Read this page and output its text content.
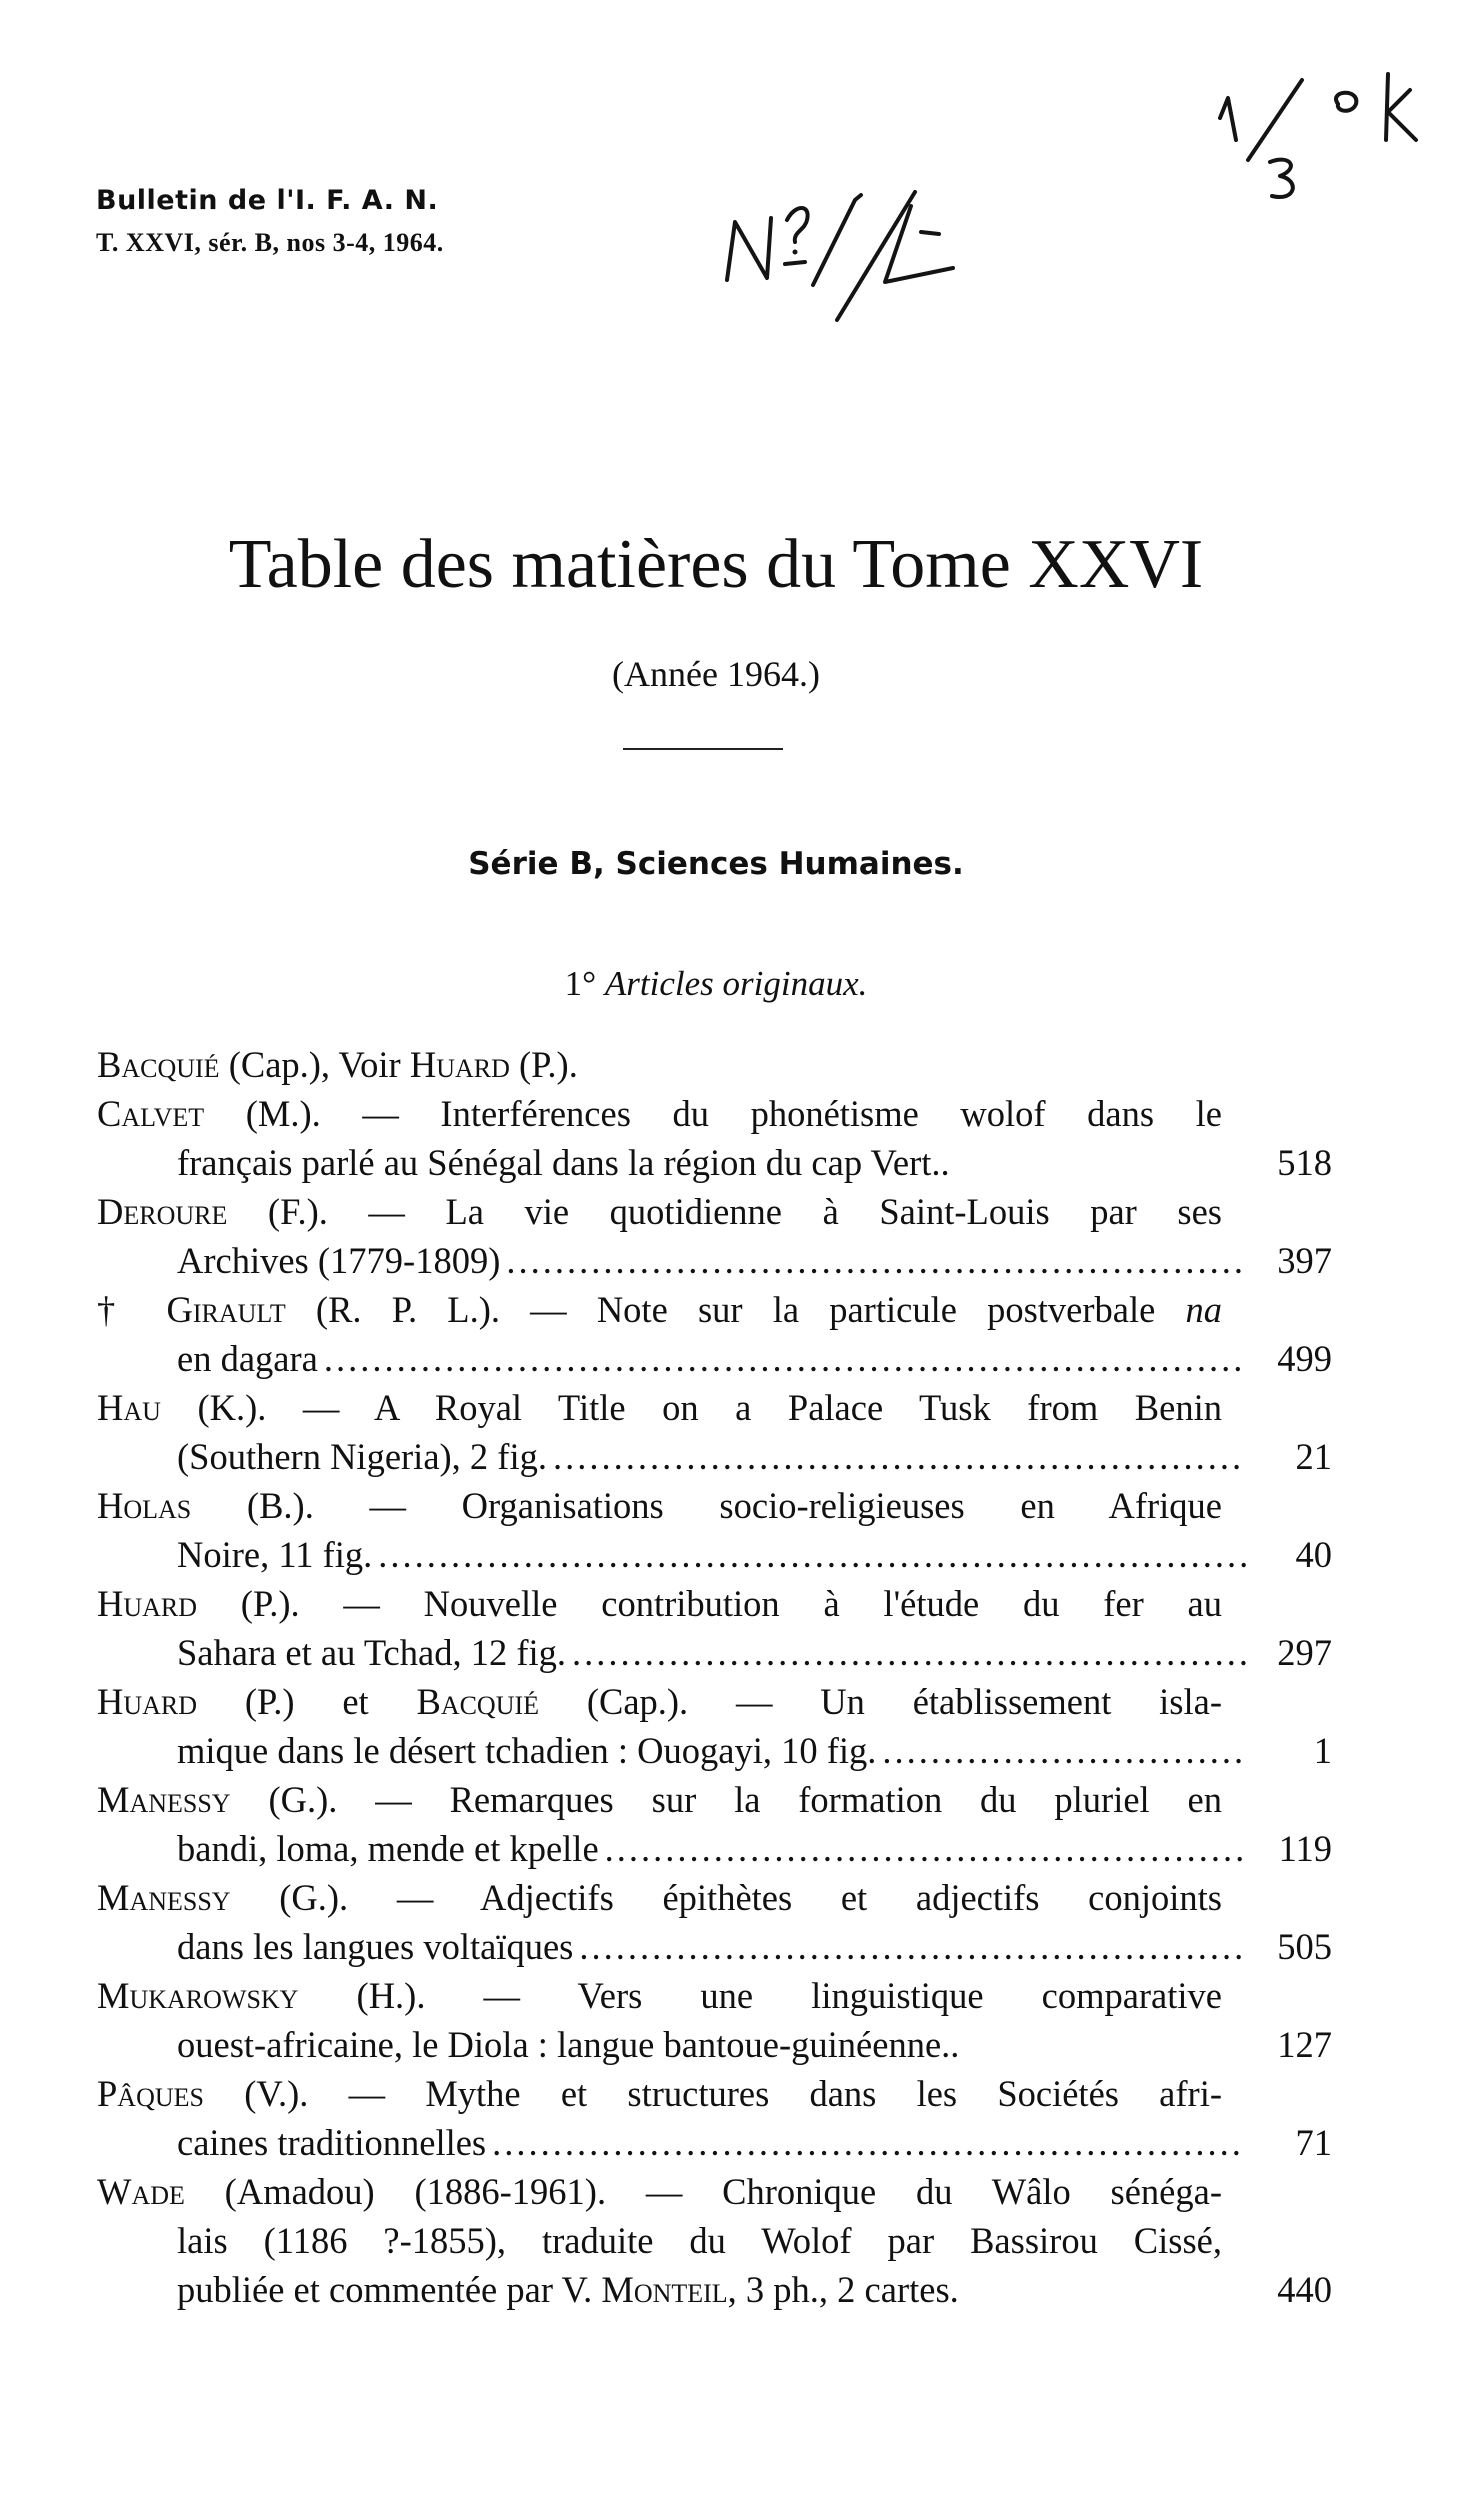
Bulletin de l'I. F. A. N.
T. XXVI, sér. B, nos 3-4, 1964.
Table des matières du Tome XXVI
(Année 1964.)
Série B, Sciences Humaines.
1° Articles originaux.
Bacquié (Cap.), Voir Huard (P.).
Calvet (M.). — Interférences du phonétisme wolof dans le
français parlé au Sénégal dans la région du cap Vert..	518
Deroure (F.). — La vie quotidienne à Saint-Louis par ses
Archives (1779-1809) .....	397
† Girault (R. P. L.). — Note sur la particule postverbale na
en dagara .....	499
Hau (K.). — A Royal Title on a Palace Tusk from Benin
(Southern Nigeria), 2 fig. .....	21
Holas (B.). — Organisations socio-religieuses en Afrique
Noire, 11 fig. .....	40
Huard (P.). — Nouvelle contribution à l'étude du fer au
Sahara et au Tchad, 12 fig. .....	297
Huard (P.) et Bacquié (Cap.). — Un établissement isla-
mique dans le désert tchadien : Ouogayi, 10 fig. .....	1
Manessy (G.). — Remarques sur la formation du pluriel en
bandi, loma, mende et kpelle .....	119
Manessy (G.). — Adjectifs épithètes et adjectifs conjoints
dans les langues voltaïques .....	505
Mukarowsky (H.). — Vers une linguistique comparative
ouest-africaine, le Diola : langue bantoue-guinéenne..	127
Pâques (V.). — Mythe et structures dans les Sociétés afri-
caines traditionnelles .....	71
Wade (Amadou) (1886-1961). — Chronique du Wâlo sénéga-
lais (1186 ?-1855), traduite du Wolof par Bassirou Cissé,
publiée et commentée par V. Monteil, 3 ph., 2 cartes.	440
